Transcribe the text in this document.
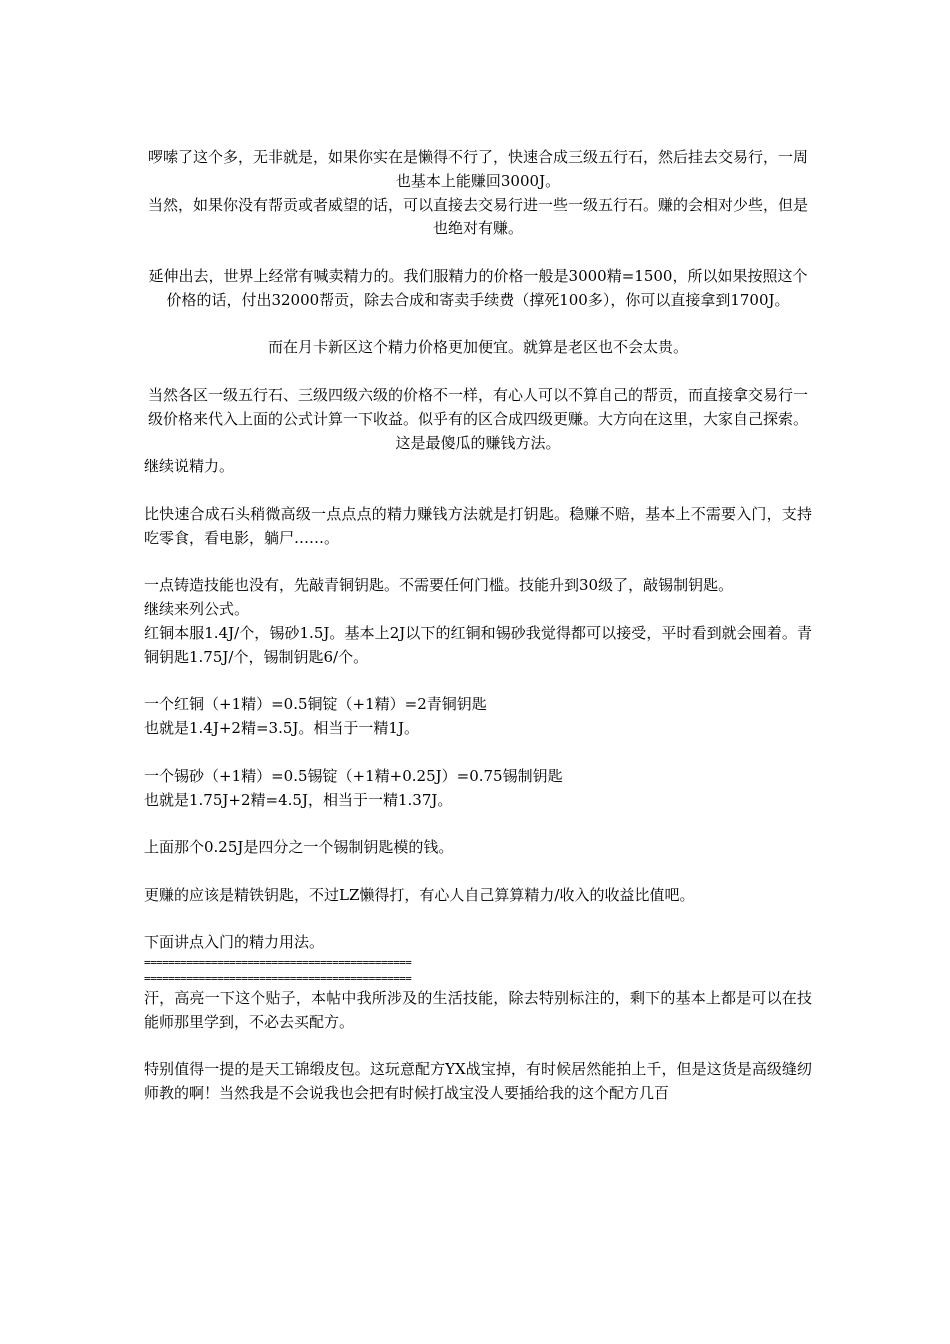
啰嗦了这个多，无非就是，如果你实在是懒得不行了，快速合成三级五行石，然后挂去交易行，一周也基本上能赚回3000J。
当然，如果你没有帮贡或者威望的话，可以直接去交易行进一些一级五行石。赚的会相对少些，但是也绝对有赚。
延伸出去，世界上经常有喊卖精力的。我们服精力的价格一般是3000精=1500，所以如果按照这个价格的话，付出32000帮贡，除去合成和寄卖手续费（撑死100多），你可以直接拿到1700J。
而在月卡新区这个精力价格更加便宜。就算是老区也不会太贵。
当然各区一级五行石、三级四级六级的价格不一样，有心人可以不算自己的帮贡，而直接拿交易行一级价格来代入上面的公式计算一下收益。似乎有的区合成四级更赚。大方向在这里，大家自己探索。
这是最傻瓜的赚钱方法。
继续说精力。
比快速合成石头稍微高级一点点点的精力赚钱方法就是打钥匙。稳赚不赔，基本上不需要入门，支持吃零食，看电影，躺尸……。
一点铸造技能也没有，先敲青铜钥匙。不需要任何门槛。技能升到30级了，敲锡制钥匙。
继续来列公式。
红铜本服1.4J/个，锡砂1.5J。基本上2J以下的红铜和锡砂我觉得都可以接受，平时看到就会囤着。青铜钥匙1.75J/个，锡制钥匙6/个。
一个红铜（+1精）=0.5铜锭（+1精）=2青铜钥匙
也就是1.4J+2精=3.5J。相当于一精1J。
一个锡砂（+1精）=0.5锡锭（+1精+0.25J）=0.75锡制钥匙
也就是1.75J+2精=4.5J，相当于一精1.37J。
上面那个0.25J是四分之一个锡制钥匙模的钱。
更赚的应该是精铁钥匙，不过LZ懒得打，有心人自己算算精力/收入的收益比值吧。
下面讲点入门的精力用法。
============================================
============================================
汗，高亮一下这个贴子，本帖中我所涉及的生活技能，除去特别标注的，剩下的基本上都是可以在技能师那里学到，不必去买配方。
特别值得一提的是天工锦缎皮包。这玩意配方YX战宝掉，有时候居然能拍上千，但是这货是高级缝纫师教的啊！当然我是不会说我也会把有时候打战宝没人要插给我的这个配方几百
